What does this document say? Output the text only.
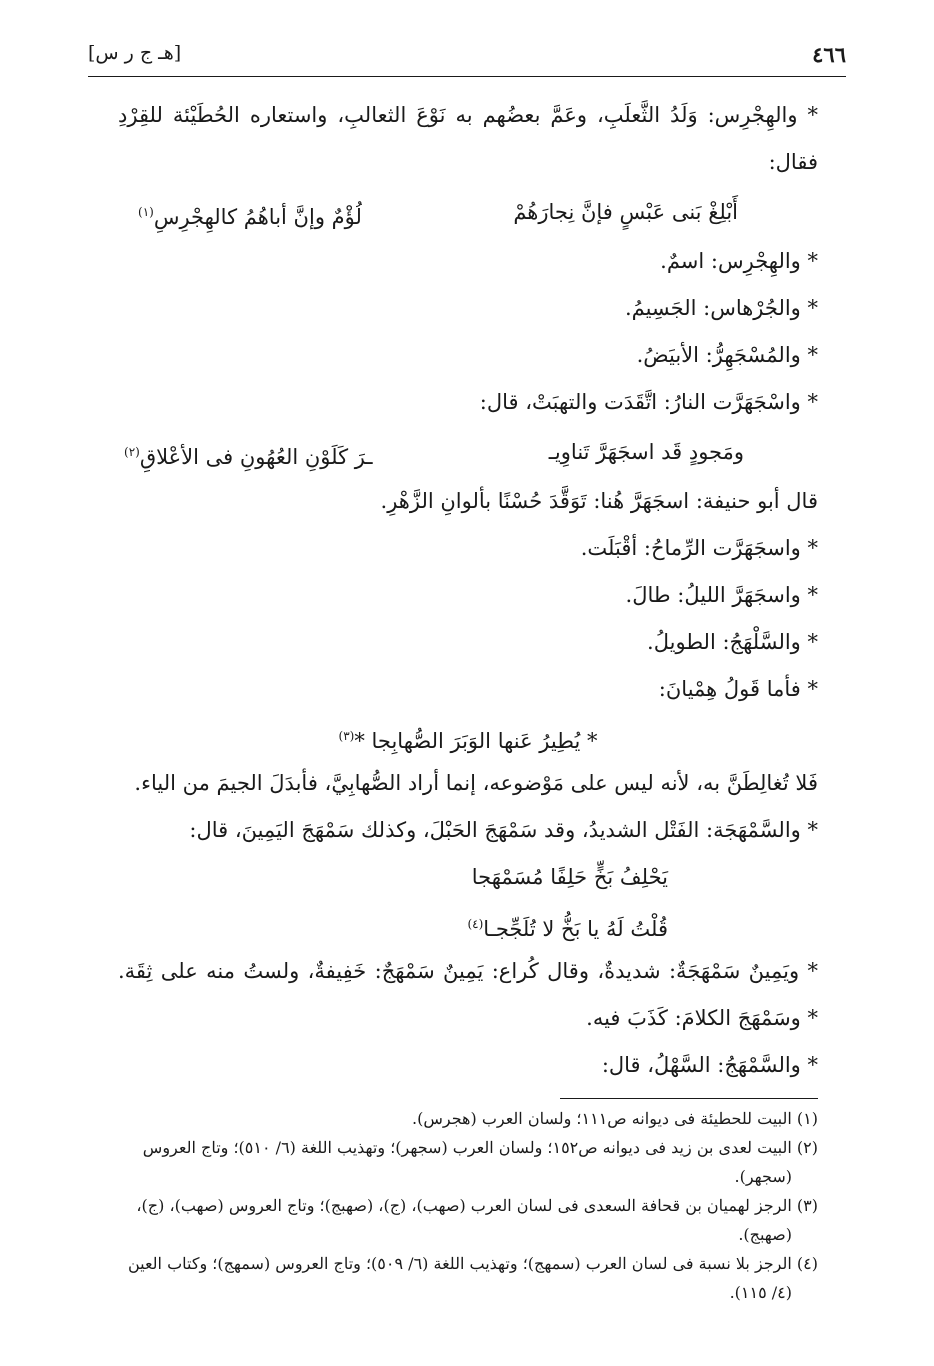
٤٦٦
[هـ ج ر س]
* والهِجْرِس: وَلَدُ الثَّعلَبِ، وعَمَّ بعضُهم به نَوْعَ الثعالبِ، واستعاره الحُطَيْئة للقِرْدِ
فقال:
أَبْلِغْ بَنى عَبْسٍ فإنَّ نِجارَهُمْ
لُؤْمٌ وإنَّ أباهُمُ كالهِجْرِسِ$^{(١)}$
* والهِجْرِس: اسمٌ.
* والجُرْهاس: الجَسِيمُ.
* والمُسْجَهِرُّ: الأبيَضُ.
* واسْجَهَرَّت النارُ: اتَّقَدَت والتهبَتْ، قال:
ومَجودٍ قَد اسجَهَرَّ تَناوِيـ
ـرَ كَلَوْنِ العُهُونِ فى الأعْلاقِ$^{(٢)}$
قال أبو حنيفة: اسجَهَرَّ هُنا: تَوَقَّدَ حُسْنًا بألوانِ الزَّهْرِ.
* واسجَهَرَّت الرِّماحُ: أقْبَلَت.
* واسجَهَرَّ الليلُ: طالَ.
* والسَّلْهَجُ: الطويلُ.
* فأما قَولُ هِمْيانَ:
* يُطِيرُ عَنها الوَبَرَ الصُّهابِجا *$^{(٣)}$
فَلا تُغالِطَنَّ به، لأنه ليس على مَوْضوعه، إنما أراد الصُّهابِيَّ، فأبدَلَ الجيمَ من الياء.
* والسَّمْهَجَة: الفَتْل الشديدُ، وقد سَمْهَجَ الحَبْلَ، وكذلك سَمْهَجَ اليَمِينَ، قال:
يَحْلِفُ بَخٍّ حَلِفًا مُسَمْهَجا
قُلْتُ لَهُ يا بَخُّ لا تُلَجِّجـا$^{(٤)}$
* ويَمِينٌ سَمْهَجَةٌ: شديدةٌ، وقال كُراع: يَمِينٌ سَمْهَجٌ: خَفِيفةٌ، ولستُ منه على ثِقَة.
* وسَمْهَجَ الكلامَ: كَذَبَ فيه.
* والسَّمْهَجُ: السَّهْلُ، قال:

(١) البيت للحطيئة فى ديوانه ص١١١؛ ولسان العرب (هجرس).

(٢) البيت لعدى بن زيد فى ديوانه ص١٥٢؛ ولسان العرب (سجهر)؛ وتهذيب اللغة (٦/ ٥١٠)؛ وتاج العروس

(سجهر).

(٣) الرجز لهميان بن قحافة السعدى فى لسان العرب (صهب)، (ج)، (صهبج)؛ وتاج العروس (صهب)، (ج)،

(صهبج).

(٤) الرجز بلا نسبة فى لسان العرب (سمهج)؛ وتهذيب اللغة (٦/ ٥٠٩)؛ وتاج العروس (سمهج)؛ وكتاب العين

(٤/ ١١٥).
